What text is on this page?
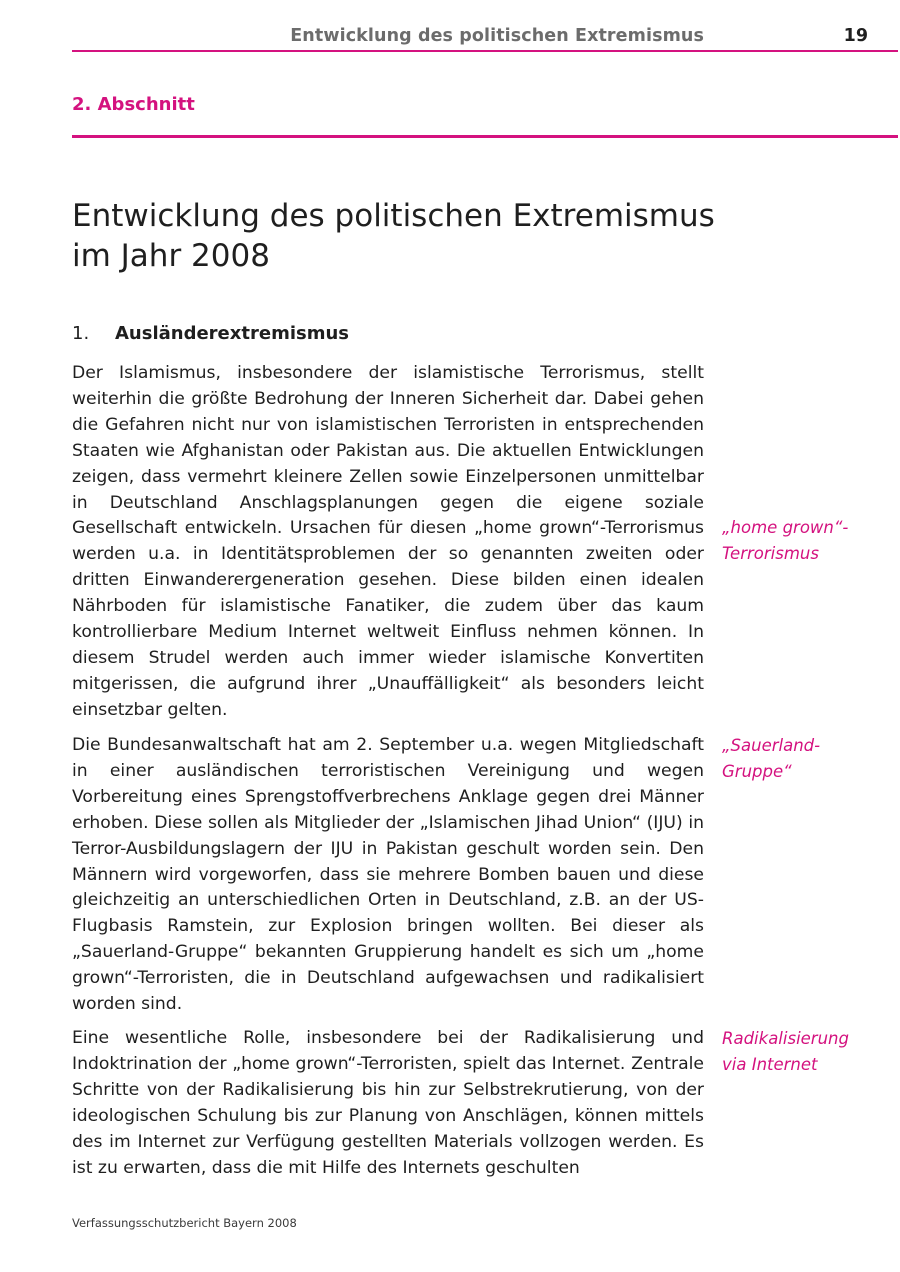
Entwicklung des politischen Extremismus	19
2. Abschnitt
Entwicklung des politischen Extremismus
im Jahr 2008
1. Ausländerextremismus

Der Islamismus, insbesondere der islamistische Terrorismus, stellt weiterhin die größte Bedrohung der Inneren Sicherheit dar. Dabei gehen die Gefahren nicht nur von islamistischen Terroristen in entsprechenden Staaten wie Afghanistan oder Pakistan aus. Die aktuellen Entwicklungen zeigen, dass vermehrt kleinere Zellen sowie Einzelpersonen unmittelbar in Deutschland Anschlagsplanungen gegen die eigene soziale Gesellschaft entwickeln. Ursachen für diesen „home grown“-Terrorismus werden u.a. in Identitätsproblemen der so genannten zweiten oder dritten Einwanderergeneration gesehen. Diese bilden einen idealen Nährboden für islamistische Fanatiker, die zudem über das kaum kontrollierbare Medium Internet weltweit Einfluss nehmen können. In diesem Strudel werden auch immer wieder islamische Konvertiten mitgerissen, die aufgrund ihrer „Unauffälligkeit“ als besonders leicht einsetzbar gelten.

Die Bundesanwaltschaft hat am 2. September u.a. wegen Mitgliedschaft in einer ausländischen terroristischen Vereinigung und wegen Vorbereitung eines Sprengstoffverbrechens Anklage gegen drei Männer erhoben. Diese sollen als Mitglieder der „Islamischen Jihad Union“ (IJU) in Terror-Ausbildungslagern der IJU in Pakistan geschult worden sein. Den Männern wird vorgeworfen, dass sie mehrere Bomben bauen und diese gleichzeitig an unterschiedlichen Orten in Deutschland, z.B. an der US-Flugbasis Ramstein, zur Explosion bringen wollten. Bei dieser als „Sauerland-Gruppe“ bekannten Gruppierung handelt es sich um „home grown“-Terroristen, die in Deutschland aufgewachsen und radikalisiert worden sind.

Eine wesentliche Rolle, insbesondere bei der Radikalisierung und Indoktrination der „home grown“-Terroristen, spielt das Internet. Zentrale Schritte von der Radikalisierung bis hin zur Selbstrekrutierung, von der ideologischen Schulung bis zur Planung von Anschlägen, können mittels des im Internet zur Verfügung gestellten Materials vollzogen werden. Es ist zu erwarten, dass die mit Hilfe des Internets geschulten

„home grown“-Terrorismus
„Sauerland-Gruppe“
Radikalisierung via Internet
Verfassungsschutzbericht Bayern 2008
